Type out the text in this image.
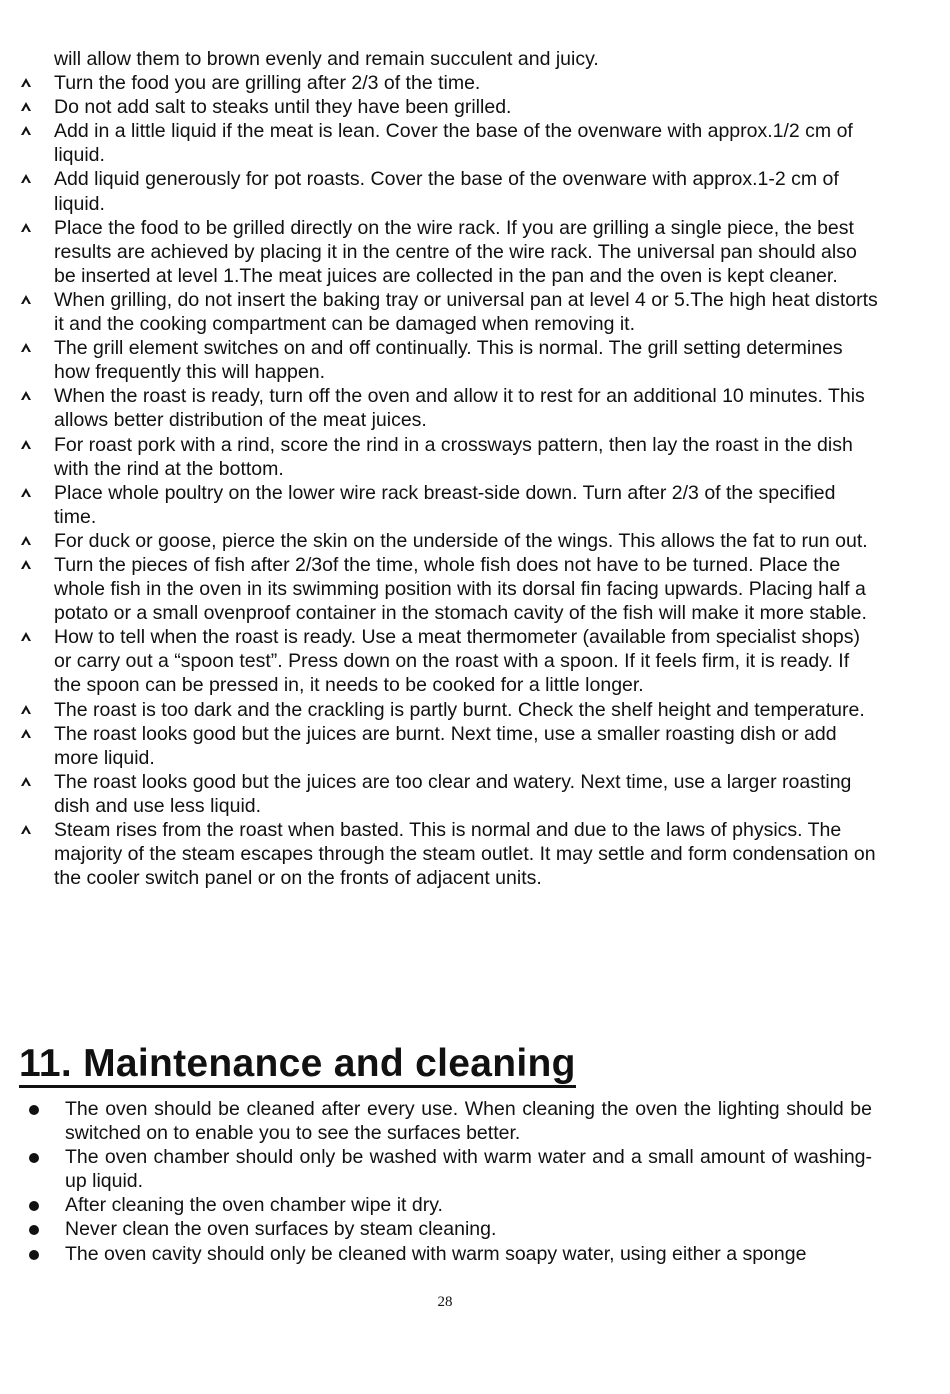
will allow them to brown evenly and remain succulent and juicy.
Turn the food you are grilling after 2/3 of the time.
Do not add salt to steaks until they have been grilled.
Add in a little liquid if the meat is lean. Cover the base of the ovenware with approx.1/2 cm of liquid.
Add liquid generously for pot roasts. Cover the base of the ovenware with approx.1-2 cm of liquid.
Place the food to be grilled directly on the wire rack. If you are grilling a single piece, the best results are achieved by placing it in the centre of the wire rack. The universal pan should also be inserted at level 1.The meat juices are collected in the pan and the oven is kept cleaner.
When grilling, do not insert the baking tray or universal pan at level 4 or 5.The high heat distorts it and the cooking compartment can be damaged when removing it.
The grill element switches on and off continually. This is normal. The grill setting determines how frequently this will happen.
When the roast is ready, turn off the oven and allow it to rest for an additional 10 minutes. This allows better distribution of the meat juices.
For roast pork with a rind, score the rind in a crossways pattern, then lay the roast in the dish with the rind at the bottom.
Place whole poultry on the lower wire rack breast-side down. Turn after 2/3 of the specified time.
For duck or goose, pierce the skin on the underside of the wings. This allows the fat to run out.
Turn the pieces of fish after 2/3of the time, whole fish does not have to be turned. Place the whole fish in the oven in its swimming position with its dorsal fin facing upwards. Placing half a potato or a small ovenproof container in the stomach cavity of the fish will make it more stable.
How to tell when the roast is ready. Use a meat thermometer (available from specialist shops) or carry out a “spoon test”. Press down on the roast with a spoon. If it feels firm, it is ready. If the spoon can be pressed in, it needs to be cooked for a little longer.
The roast is too dark and the crackling is partly burnt. Check the shelf height and temperature.
The roast looks good but the juices are burnt. Next time, use a smaller roasting dish or add more liquid.
The roast looks good but the juices are too clear and watery. Next time, use a larger roasting dish and use less liquid.
Steam rises from the roast when basted. This is normal and due to the laws of physics. The majority of the steam escapes through the steam outlet. It may settle and form condensation on the cooler switch panel or on the fronts of adjacent units.
11. Maintenance and cleaning
The oven should be cleaned after every use. When cleaning the oven the lighting should be switched on to enable you to see the surfaces better.
The oven chamber should only be washed with warm water and a small amount of washing-up liquid.
After cleaning the oven chamber wipe it dry.
Never clean the oven surfaces by steam cleaning.
The oven cavity should only be cleaned with warm soapy water, using either a sponge
28
